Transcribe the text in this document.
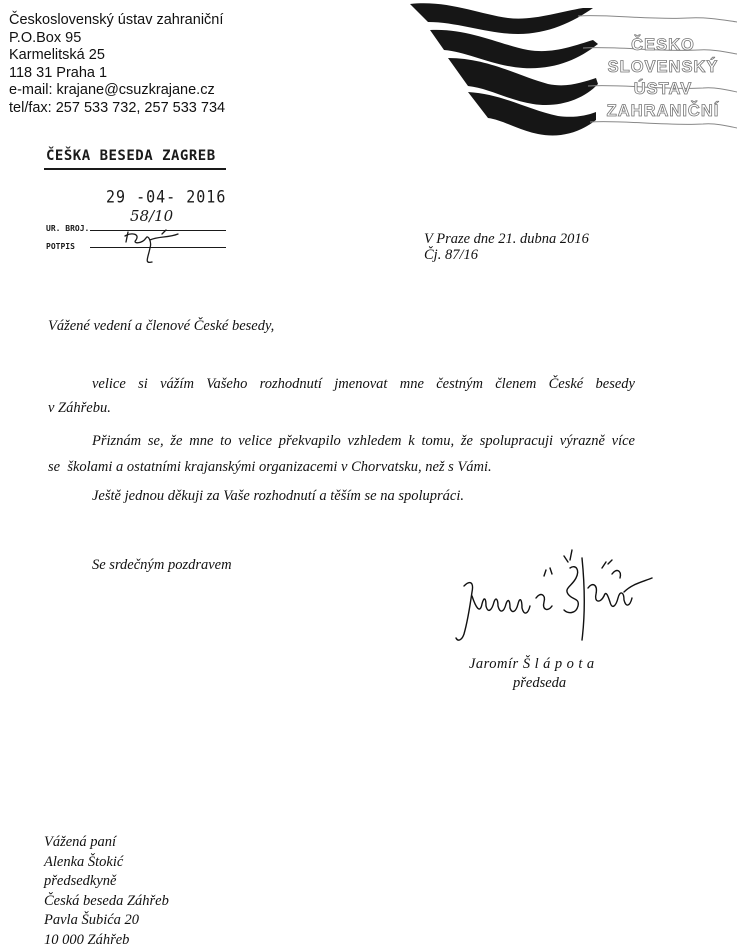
Československý ústav zahraniční
P.O.Box 95
Karmelitská 25
118 31 Praha 1
e-mail: krajane@csuzkrajane.cz
tel/fax: 257 533 732, 257 533 734
ČESKO
SLOVENSKÝ
ÚSTAV
ZAHRANIČNÍ
ČEŠKA BESEDA ZAGREB
29 -04- 2016
UR. BROJ.
58/10
POTPIS	V Praze dne 21. dubna 2016
Čj. 87/16
Vážené vedení a členové České besedy,
velice si vážím Vašeho rozhodnutí jmenovat mne čestným členem České besedy
v Záhřebu.
Přiznám se, že mne to velice překvapilo vzhledem k tomu, že spolupracuji výrazně více
se  školami a ostatními krajanskými organizacemi v Chorvatsku, než s Vámi.
Ještě jednou děkuji za Vaše rozhodnutí a těším se na spolupráci.
Se srdečným pozdravem
Jaromír Šlápota
předseda
Vážená paní
Alenka Štokić
předsedkyně
Česká beseda Záhřeb
Pavla Šubića 20
10 000 Záhřeb
